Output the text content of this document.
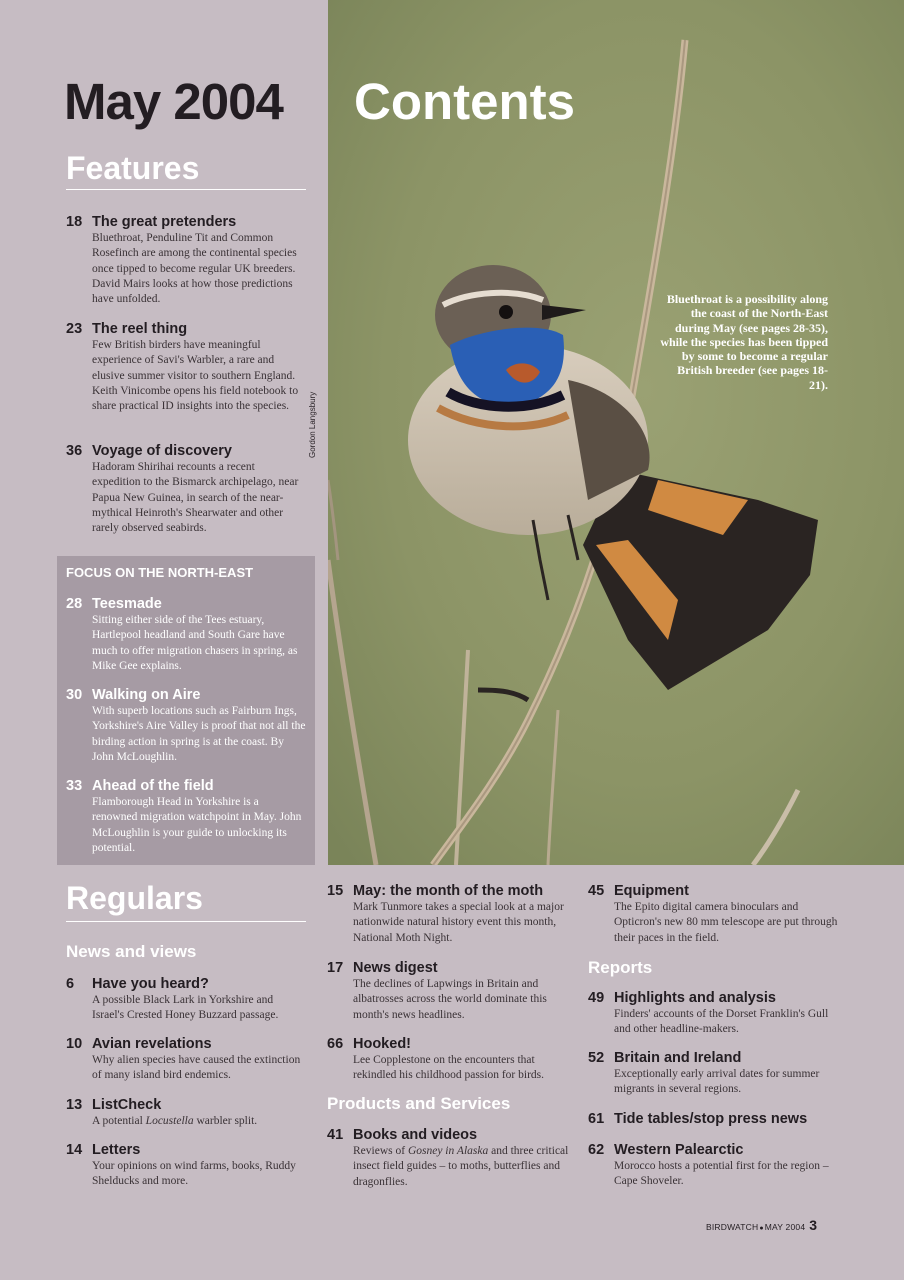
Bluethroat is a possibility along the coast of the North-East during May (see pages 28-35), while the species has been tipped by some to become a regular British breeder (see pages 18-21).
Gordon Langsbury
May 2004 Contents
Features
18 The great pretenders
Bluethroat, Penduline Tit and Common Rosefinch are among the continental species once tipped to become regular UK breeders. David Mairs looks at how those predictions have unfolded.
23 The reel thing
Few British birders have meaningful experience of Savi's Warbler, a rare and elusive summer visitor to southern England. Keith Vinicombe opens his field notebook to share practical ID insights into the species.
36 Voyage of discovery
Hadoram Shirihai recounts a recent expedition to the Bismarck archipelago, near Papua New Guinea, in search of the near-mythical Heinroth's Shearwater and other rarely observed seabirds.
FOCUS ON THE NORTH-EAST
28 Teesmade
Sitting either side of the Tees estuary, Hartlepool headland and South Gare have much to offer migration chasers in spring, as Mike Gee explains.
30 Walking on Aire
With superb locations such as Fairburn Ings, Yorkshire's Aire Valley is proof that not all the birding action in spring is at the coast. By John McLoughlin.
33 Ahead of the field
Flamborough Head in Yorkshire is a renowned migration watchpoint in May. John McLoughlin is your guide to unlocking its potential.
Regulars
News and views
6 Have you heard?
A possible Black Lark in Yorkshire and Israel's Crested Honey Buzzard passage.
10 Avian revelations
Why alien species have caused the extinction of many island bird endemics.
13 ListCheck
A potential Locustella warbler split.
14 Letters
Your opinions on wind farms, books, Ruddy Shelducks and more.
15 May: the month of the moth
Mark Tunmore takes a special look at a major nationwide natural history event this month, National Moth Night.
17 News digest
The declines of Lapwings in Britain and albatrosses across the world dominate this month's news headlines.
66 Hooked!
Lee Copplestone on the encounters that rekindled his childhood passion for birds.
Products and Services
41 Books and videos
Reviews of Gosney in Alaska and three critical insect field guides – to moths, butterflies and dragonflies.
45 Equipment
The Epito digital camera binoculars and Opticron's new 80 mm telescope are put through their paces in the field.
Reports
49 Highlights and analysis
Finders' accounts of the Dorset Franklin's Gull and other headline-makers.
52 Britain and Ireland
Exceptionally early arrival dates for summer migrants in several regions.
61 Tide tables/stop press news
62 Western Palearctic
Morocco hosts a potential first for the region – Cape Shoveler.
BIRDWATCH●MAY 2004 3
